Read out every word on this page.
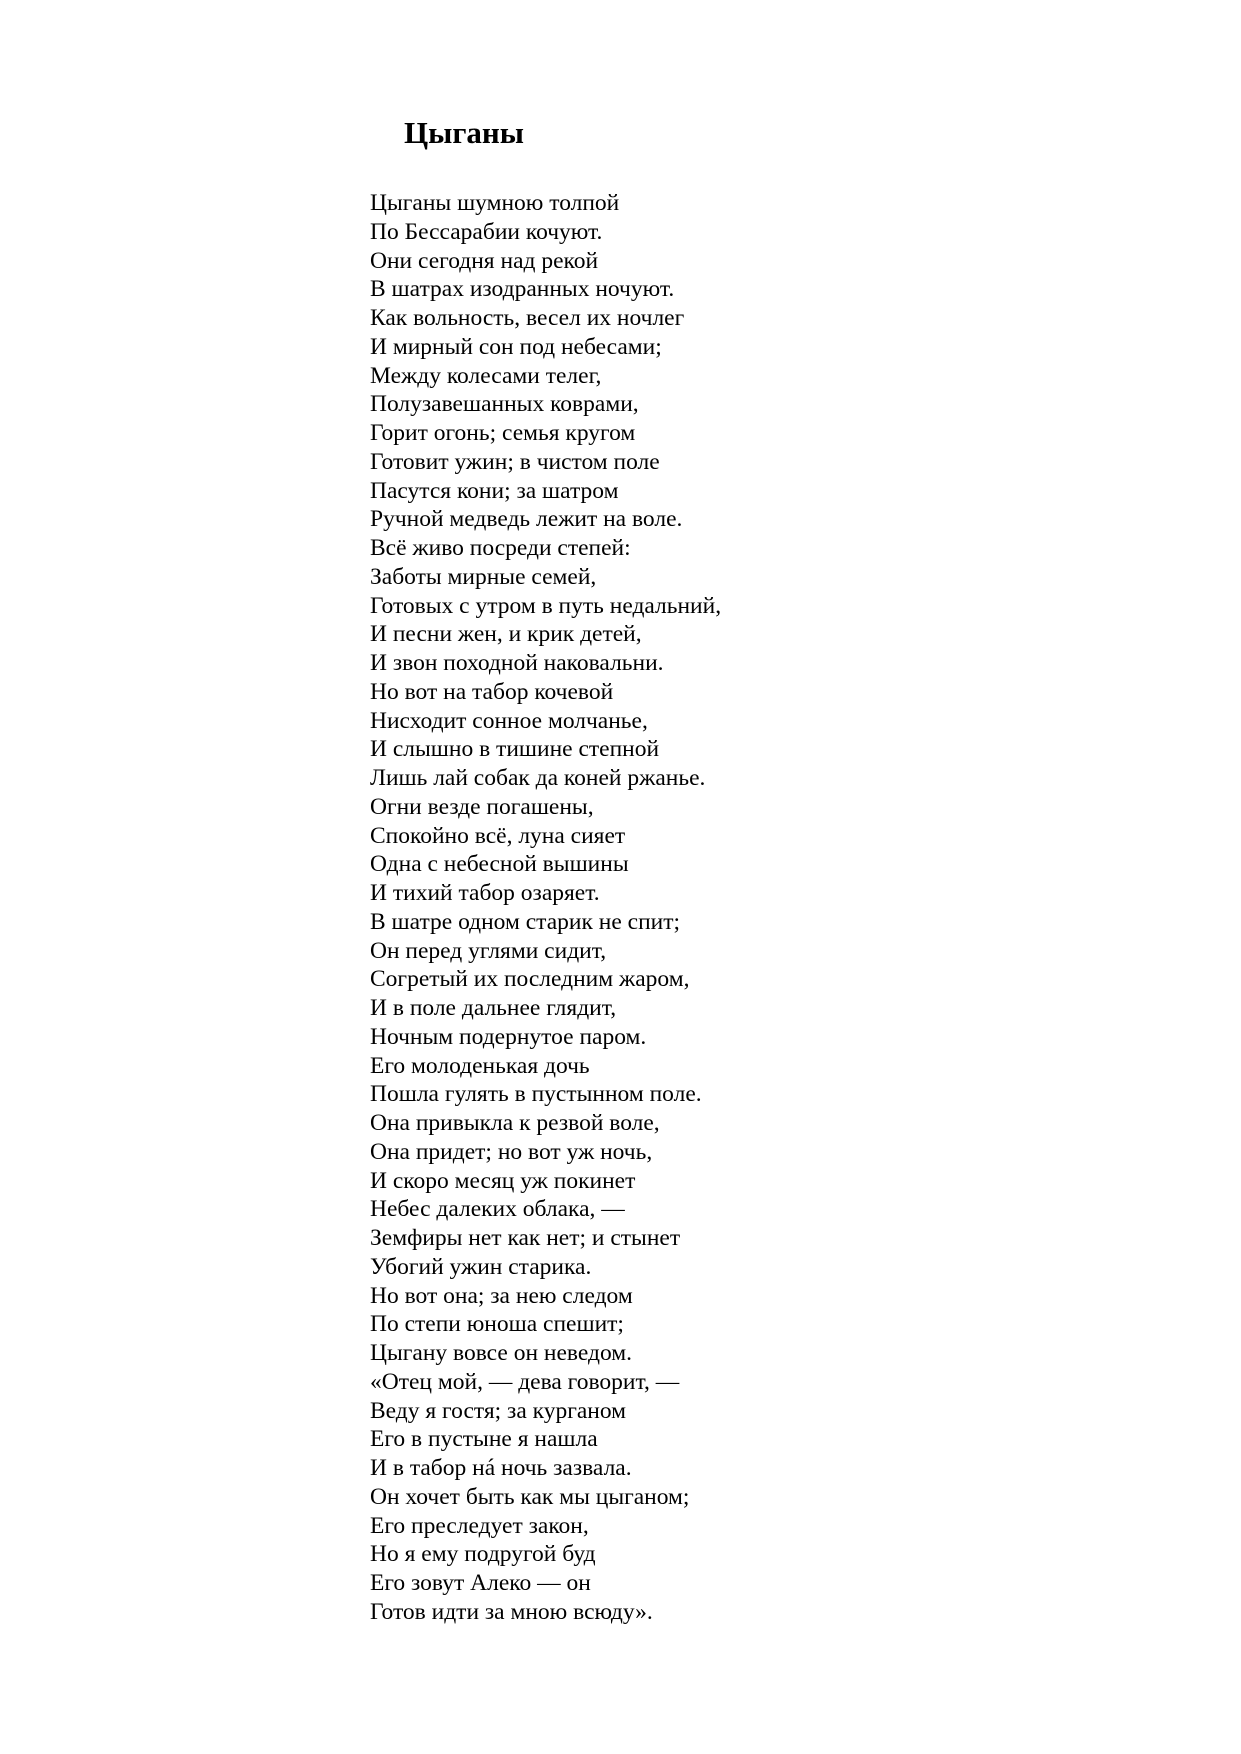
Цыганы
Цыганы шумною толпой
По Бессарабии кочуют.
Они сегодня над рекой
В шатрах изодранных ночуют.
Как вольность, весел их ночлег
И мирный сон под небесами;
Между колесами телег,
Полузавешанных коврами,
Горит огонь; семья кругом
Готовит ужин; в чистом поле
Пасутся кони; за шатром
Ручной медведь лежит на воле.
Всё живо посреди степей:
Заботы мирные семей,
Готовых с утром в путь недальний,
И песни жен, и крик детей,
И звон походной наковальни.
Но вот на табор кочевой
Нисходит сонное молчанье,
И слышно в тишине степной
Лишь лай собак да коней ржанье.
Огни везде погашены,
Спокойно всё, луна сияет
Одна с небесной вышины
И тихий табор озаряет.
В шатре одном старик не спит;
Он перед углями сидит,
Согретый их последним жаром,
И в поле дальнее глядит,
Ночным подернутое паром.
Его молоденькая дочь
Пошла гулять в пустынном поле.
Она привыкла к резвой воле,
Она придет; но вот уж ночь,
И скоро месяц уж покинет
Небес далеких облака, —
Земфиры нет как нет; и стынет
Убогий ужин старика.
Но вот она; за нею следом
По степи юноша спешит;
Цыгану вовсе он неведом.
«Отец мой, — дева говорит, —
Веду я гостя; за курганом
Его в пустыне я нашла
И в табор нá ночь зазвала.
Он хочет быть как мы цыганом;
Его преследует закон,
Но я ему подругой буд
Его зовут Алеко — он
Готов идти за мною всюду».
